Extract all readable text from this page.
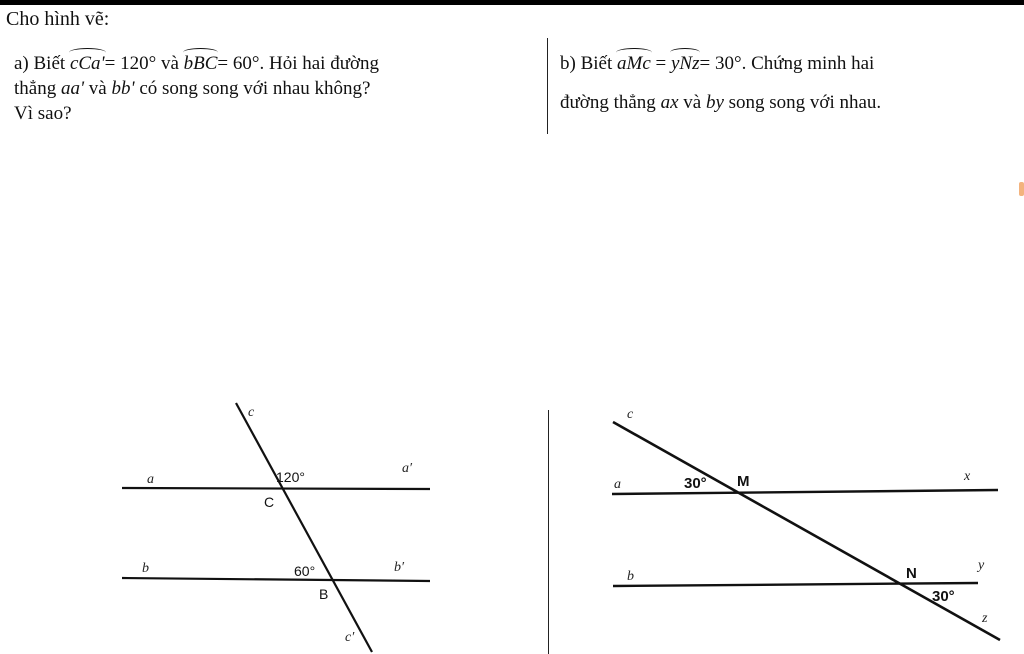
Cho hình vẽ:
a) Biết cCa'= 120° và bBC= 60°. Hỏi hai đường
thẳng aa' và bb' có song song với nhau không?
Vì sao?
b) Biết aMc = yNz= 30°. Chứng minh hai
đường thẳng ax và by song song với nhau.
c
a
a′
120°
C
b	b′
60°
B
c′
c
a	30° M	x
b	N	y
30°
z
